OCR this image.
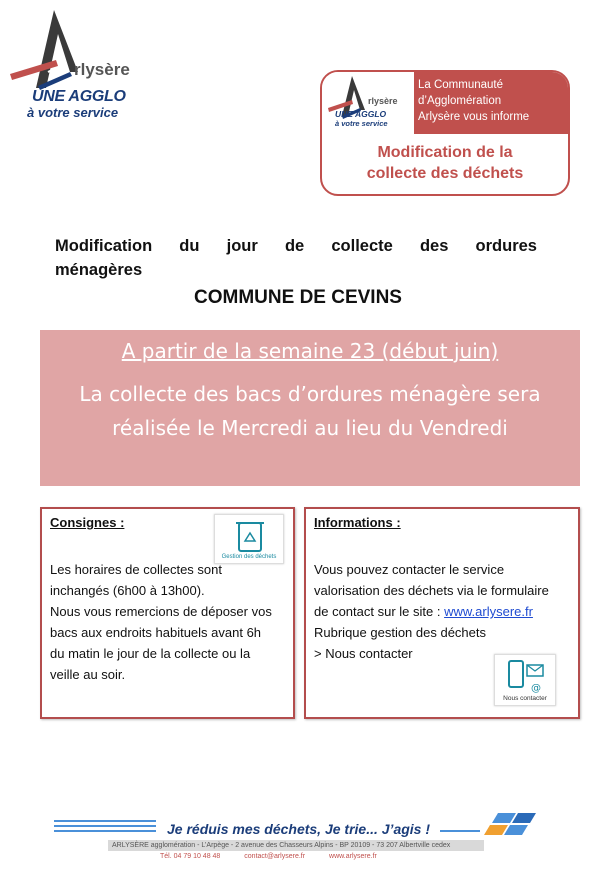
rlysère
UNE AGGLO
à votre service
rlysère
UNE AGGLO
à votre service
La Communauté
d’Agglomération
Arlysère vous informe
Modification de la
collecte des déchets
Modification du jour de collecte des ordures
ménagères
COMMUNE DE CEVINS
A partir de la semaine 23 (début juin)
La collecte des bacs d’ordures ménagère sera
réalisée le Mercredi au lieu du Vendredi
Consignes :
Gestion des déchets
Les horaires de collectes sont
inchangés (6h00 à 13h00).
Nous vous remercions de déposer vos
bacs aux endroits habituels avant 6h
du matin le jour de la collecte ou la
veille au soir.
Informations :
Vous pouvez contacter le service
valorisation des déchets via le formulaire
de contact sur le site : www.arlysere.fr
Rubrique gestion des déchets
> Nous contacter
@
Nous contacter
Je réduis mes déchets, Je trie... J’agis !
ARLYSÈRE agglomération - L’Arpège - 2 avenue des Chasseurs Alpins - BP 20109 - 73 207 Albertville cedex
Tél. 04 79 10 48 48	contact@arlysere.fr	www.arlysere.fr
